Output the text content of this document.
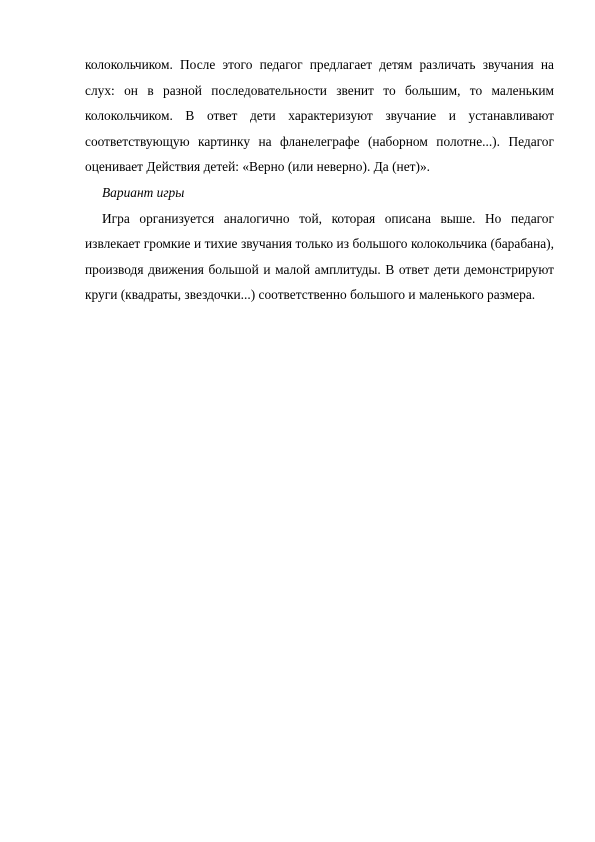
колокольчиком. После этого педагог предлагает детям различать звучания на слух: он в разной последовательности звенит то большим, то маленьким колокольчиком. В ответ дети характеризуют звучание и устанавливают соответствующую картинку на фланелеграфе (наборном полотне...). Педагог оценивает Действия детей: «Верно (или неверно). Да (нет)».

Вариант игры

Игра организуется аналогично той, которая описана выше. Но педагог извлекает громкие и тихие звучания только из большого колокольчика (барабана), производя движения большой и малой амплитуды. В ответ дети демонстрируют круги (квадраты, звездочки...) соответственно большого и маленького размера.
